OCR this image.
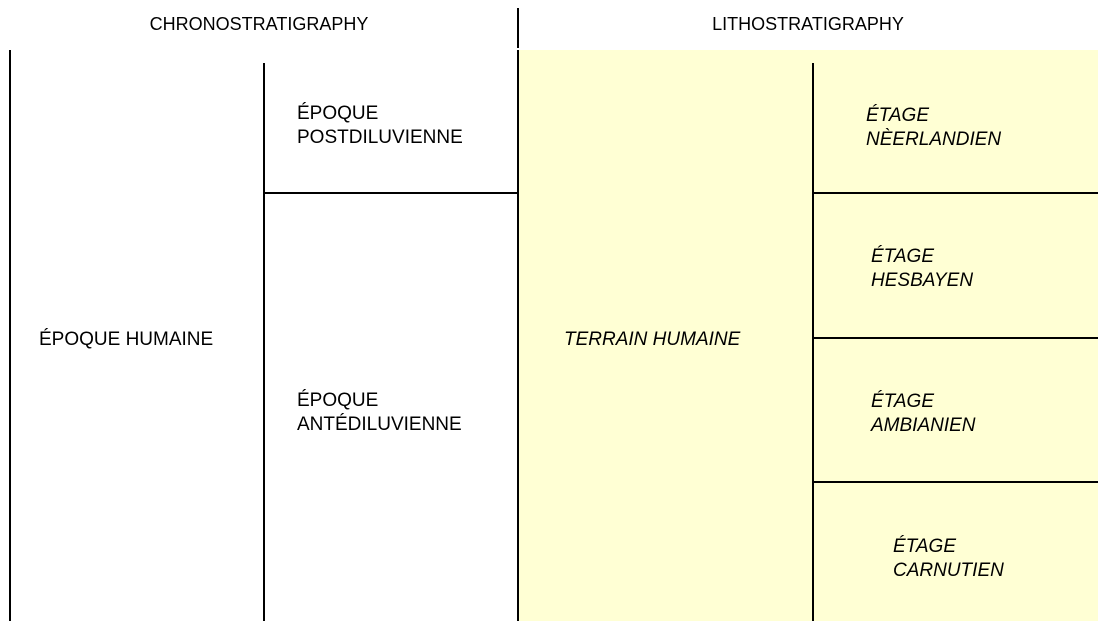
CHRONOSTRATIGRAPHY	LITHOSTRATIGRAPHY
ÉPOQUE HUMAINE
ÉPOQUE
POSTDILUVIENNE
ÉPOQUE
ANTÉDILUVIENNE
TERRAIN HUMAINE
ÉTAGE
NÈERLANDIEN
ÉTAGE
HESBAYEN
ÉTAGE
AMBIANIEN
ÉTAGE
CARNUTIEN
